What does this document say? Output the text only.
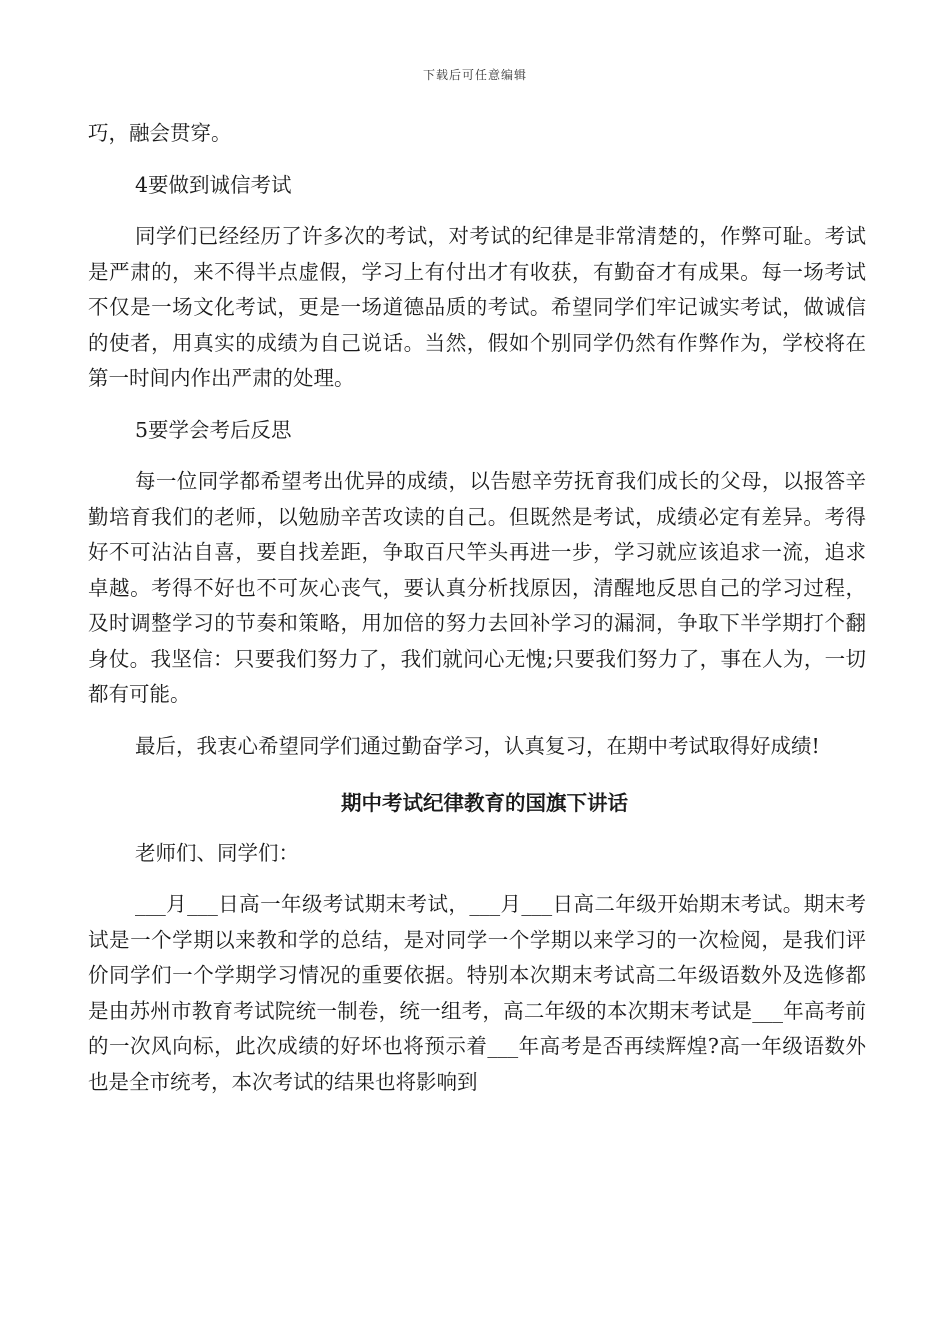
下载后可任意编辑

巧，融会贯穿。

4要做到诚信考试

同学们已经经历了许多次的考试，对考试的纪律是非常清楚的，作弊可耻。考试是严肃的，来不得半点虚假，学习上有付出才有收获，有勤奋才有成果。每一场考试不仅是一场文化考试，更是一场道德品质的考试。希望同学们牢记诚实考试，做诚信的使者，用真实的成绩为自己说话。当然，假如个别同学仍然有作弊作为，学校将在第一时间内作出严肃的处理。

5要学会考后反思

每一位同学都希望考出优异的成绩，以告慰辛劳抚育我们成长的父母，以报答辛勤培育我们的老师，以勉励辛苦攻读的自己。但既然是考试，成绩必定有差异。考得好不可沾沾自喜，要自找差距，争取百尺竿头再进一步，学习就应该追求一流，追求卓越。考得不好也不可灰心丧气，要认真分析找原因，清醒地反思自己的学习过程，及时调整学习的节奏和策略，用加倍的努力去回补学习的漏洞，争取下半学期打个翻身仗。我坚信：只要我们努力了，我们就问心无愧;只要我们努力了，事在人为，一切都有可能。

最后，我衷心希望同学们通过勤奋学习，认真复习，在期中考试取得好成绩!

期中考试纪律教育的国旗下讲话

老师们、同学们：

___月___日高一年级考试期末考试，___月___日高二年级开始期末考试。期末考试是一个学期以来教和学的总结，是对同学一个学期以来学习的一次检阅，是我们评价同学们一个学期学习情况的重要依据。特别本次期末考试高二年级语数外及选修都是由苏州市教育考试院统一制卷，统一组考，高二年级的本次期末考试是___年高考前的一次风向标，此次成绩的好坏也将预示着___年高考是否再续辉煌?高一年级语数外也是全市统考，本次考试的结果也将影响到
